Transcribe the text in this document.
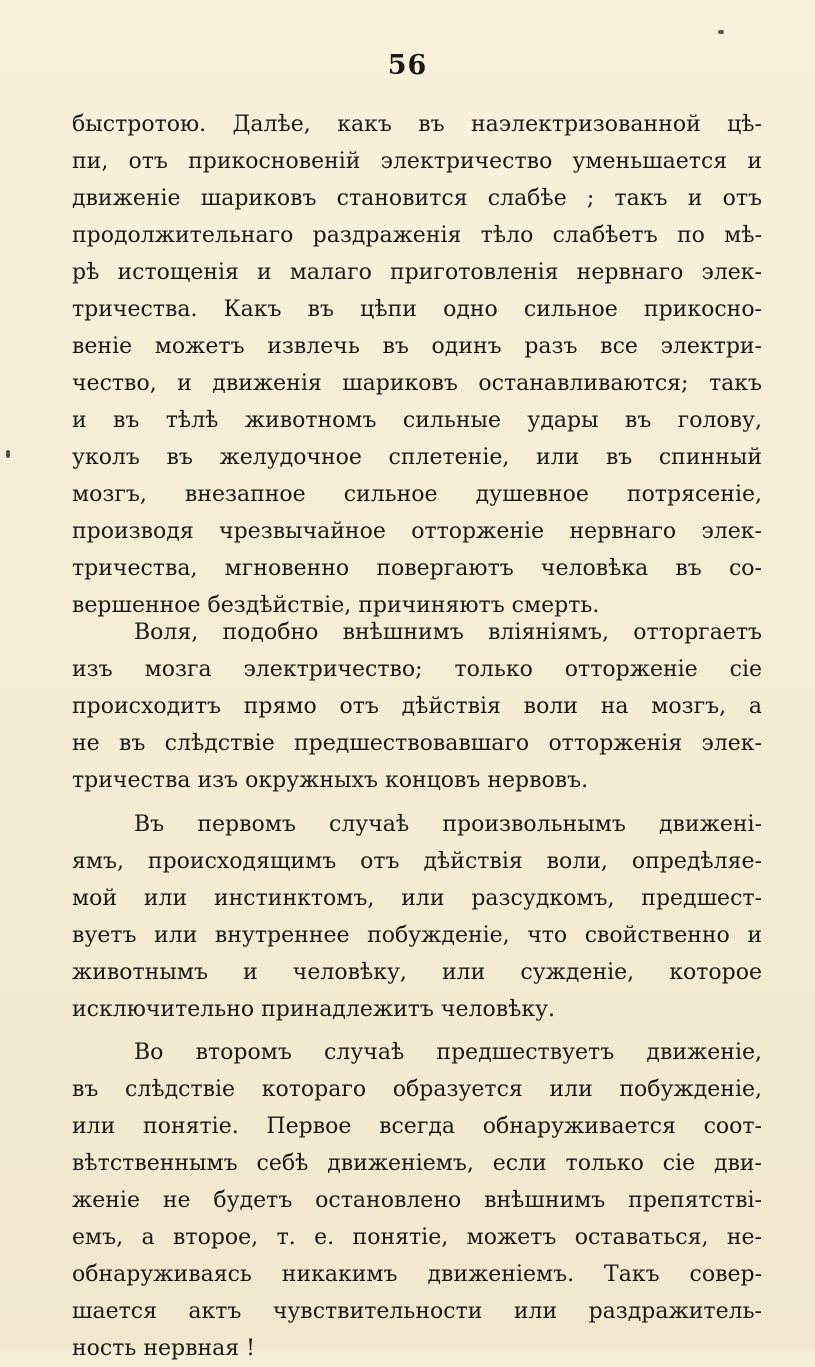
56
быстротою. Далѣе, какъ въ наэлектризованной цѣ-
пи, отъ прикосновенiй электричество уменьшается и
движенiе шариковъ становится слабѣе ; такъ и отъ
продолжительнаго раздраженiя тѣло слабѣетъ по мѣ-
рѣ истощенiя и малаго приготовленiя нервнаго элек-
тричества. Какъ въ цѣпи одно сильное прикосно-
венiе можетъ извлечь въ одинъ разъ все электри-
чество, и движенiя шариковъ останавливаются; такъ
и въ тѣлѣ животномъ сильные удары въ голову,
уколъ въ желудочное сплетенiе, или въ спинный
мозгъ, внезапное сильное душевное потрясенiе,
производя чрезвычайное отторженiе нервнаго элек-
тричества, мгновенно повергаютъ человѣка въ со-
вершенное бездѣйствiе, причиняютъ смерть.
Воля, подобно внѣшнимъ влiянiямъ, отторгаетъ
изъ мозга электричество; только отторженiе сiе
происходитъ прямо отъ дѣйствiя воли на мозгъ, а
не въ слѣдствiе предшествовавшаго отторженiя элек-
тричества изъ окружныхъ концовъ нервовъ.
Въ первомъ случаѣ произвольнымъ движенi-
ямъ, происходящимъ отъ дѣйствiя воли, опредѣляе-
мой или инстинктомъ, или разсудкомъ, предшест-
вуетъ или внутреннее побужденiе, что свойственно и
животнымъ и человѣку, или сужденiе, которое
исключительно принадлежитъ человѣку.
Во второмъ случаѣ предшествуетъ движенiе,
въ слѣдствiе котораго образуется или побужденiе,
или понятiе. Первое всегда обнаруживается соот-
вѣтственнымъ себѣ движенiемъ, если только сiе дви-
женiе не будетъ остановлено внѣшнимъ препятствi-
емъ, а второе, т. е. понятiе, можетъ оставаться, не-
обнаруживаясь никакимъ движенiемъ. Такъ совер-
шается актъ чувствительности или раздражитель-
ность нервная !
